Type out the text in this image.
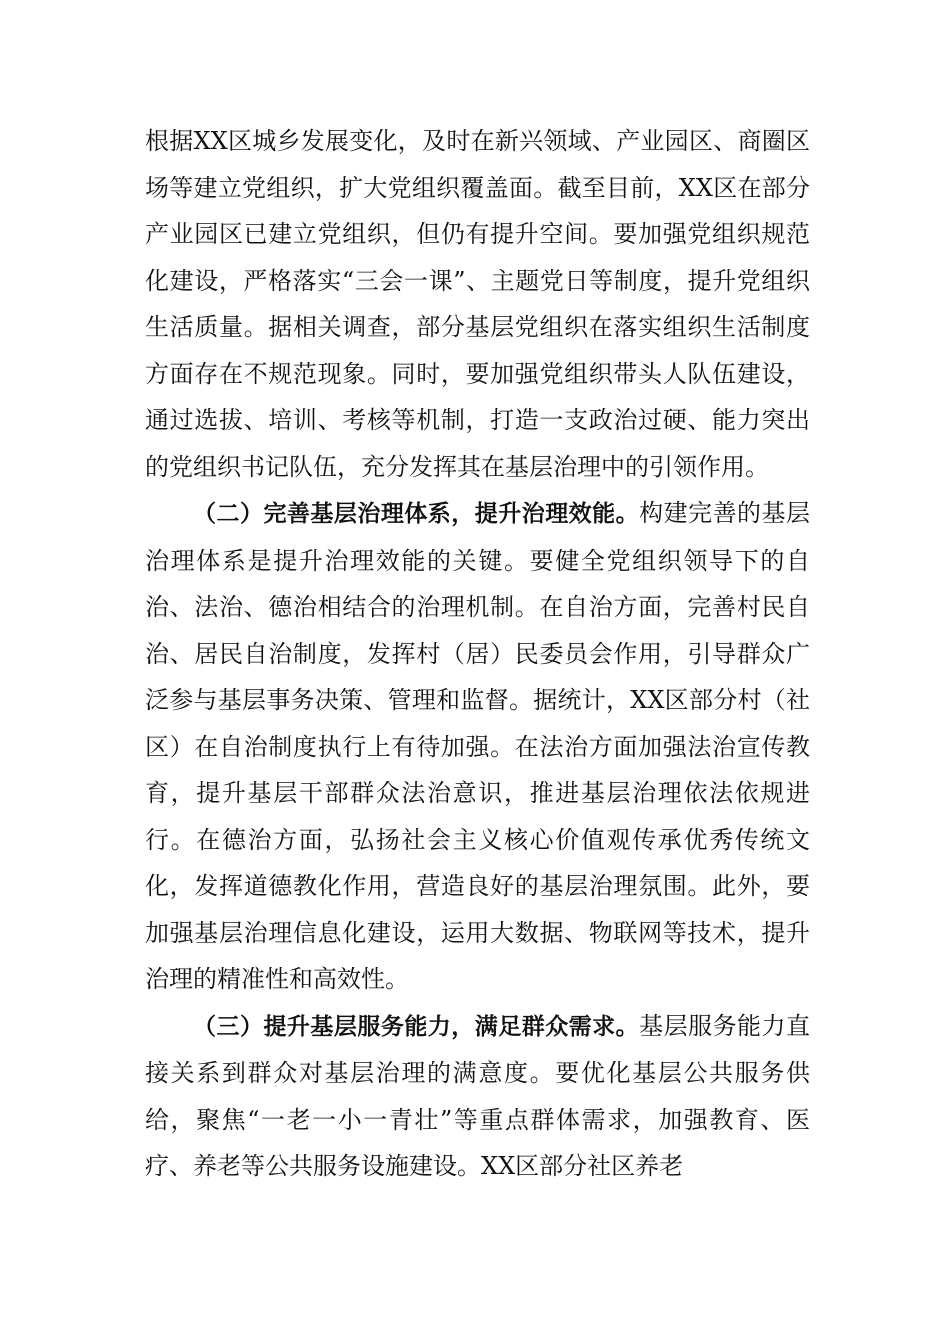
根据XX区城乡发展变化，及时在新兴领域、产业园区、商圈区场等建立党组织，扩大党组织覆盖面。截至目前，XX区在部分产业园区已建立党组织，但仍有提升空间。要加强党组织规范化建设，严格落实“三会一课”、主题党日等制度，提升党组织生活质量。据相关调查，部分基层党组织在落实组织生活制度方面存在不规范现象。同时，要加强党组织带头人队伍建设，通过选拔、培训、考核等机制，打造一支政治过硬、能力突出的党组织书记队伍，充分发挥其在基层治理中的引领作用。

（二）完善基层治理体系，提升治理效能。构建完善的基层治理体系是提升治理效能的关键。要健全党组织领导下的自治、法治、德治相结合的治理机制。在自治方面，完善村民自治、居民自治制度，发挥村（居）民委员会作用，引导群众广泛参与基层事务决策、管理和监督。据统计，XX区部分村（社区）在自治制度执行上有待加强。在法治方面加强法治宣传教育，提升基层干部群众法治意识，推进基层治理依法依规进行。在德治方面，弘扬社会主义核心价值观传承优秀传统文化，发挥道德教化作用，营造良好的基层治理氛围。此外，要加强基层治理信息化建设，运用大数据、物联网等技术，提升治理的精准性和高效性。

（三）提升基层服务能力，满足群众需求。基层服务能力直接关系到群众对基层治理的满意度。要优化基层公共服务供给，聚焦“一老一小一青壮”等重点群体需求，加强教育、医疗、养老等公共服务设施建设。XX区部分社区养老
